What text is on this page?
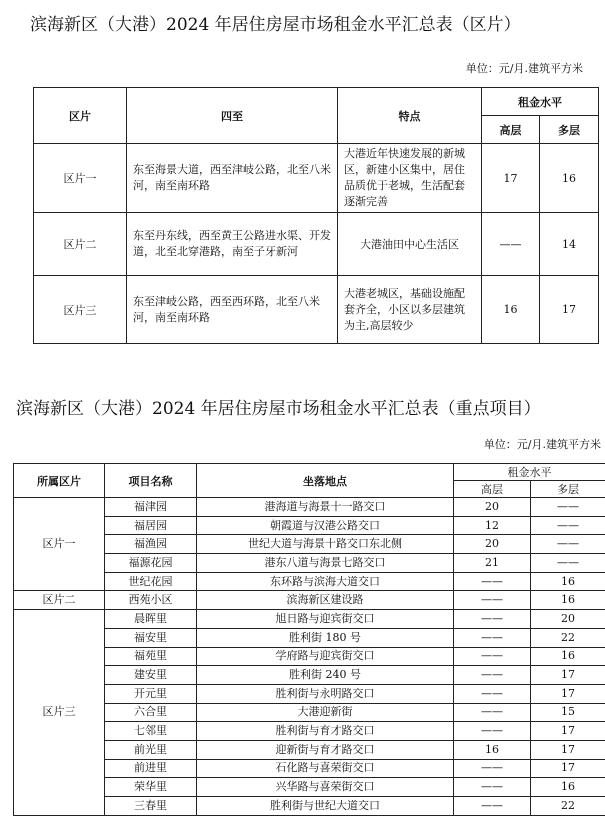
滨海新区（大港）2024 年居住房屋市场租金水平汇总表（区片）
单位：元/月.建筑平方米
区片	四至	特点	租金水平	
			高层	多层
区片一	东至海景大道，西至津岐公路，北至八米河，南至南环路	大港近年快速发展的新城区，新建小区集中，居住品质优于老城，生活配套逐渐完善	17	16
区片二	东至丹东线，西至黄王公路进水渠、开发道，北至北穿港路，南至子牙新河	大港油田中心生活区	——	14
区片三	东至津岐公路，西至西环路，北至八米河，南至南环路	大港老城区，基础设施配套齐全，小区以多层建筑为主,高层较少	16	17
滨海新区（大港）2024 年居住房屋市场租金水平汇总表（重点项目）
单位：元/月.建筑平方米
所属区片	项目名称	坐落地点	租金水平	
			高层	多层
区片一	福津园	港海道与海景十一路交口	20	——
	福居园	朝霞道与汉港公路交口	12	——
	福渔园	世纪大道与海景十路交口东北侧	20	——
	福源花园	港东八道与海景七路交口	21	——
	世纪花园	东环路与滨海大道交口	——	16
区片二	西苑小区	滨海新区建设路	——	16
区片三	晨晖里	旭日路与迎宾街交口	——	20
	福安里	胜利街 180 号	——	22
	福苑里	学府路与迎宾街交口	——	16
	建安里	胜利街 240 号	——	17
	开元里	胜利街与永明路交口	——	17
	六合里	大港迎新街	——	15
	七邻里	胜利街与育才路交口	——	17
	前光里	迎新街与育才路交口	16	17
	前进里	石化路与喜荣街交口	——	17
	荣华里	兴华路与喜荣街交口	——	16
	三春里	胜利街与世纪大道交口	——	22
